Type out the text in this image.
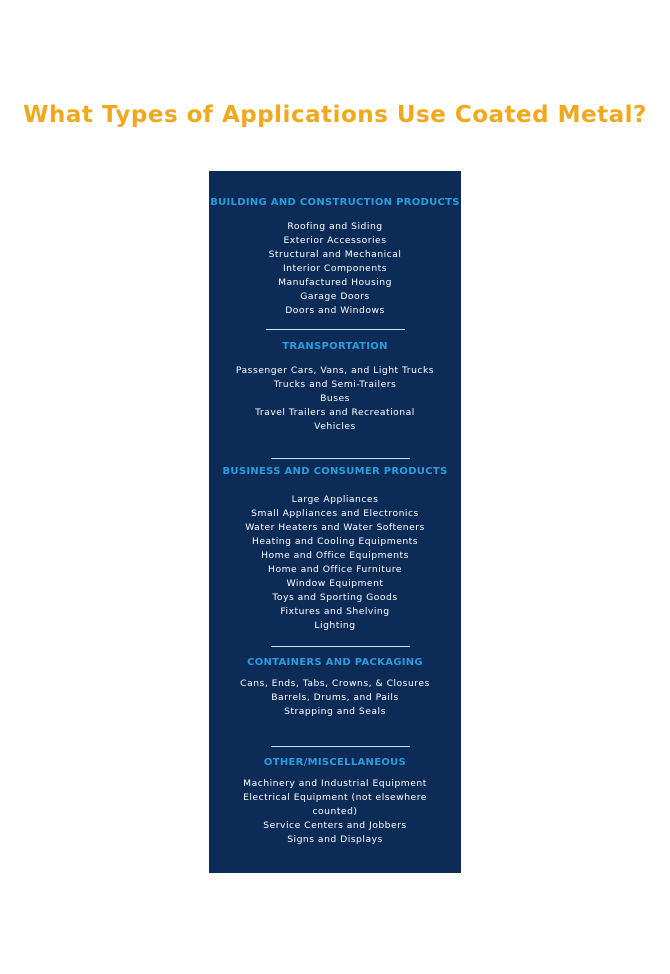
What Types of Applications Use Coated Metal?
BUILDING AND CONSTRUCTION PRODUCTS
Roofing and Siding
Exterior Accessories
Structural and Mechanical
Interior Components
Manufactured Housing
Garage Doors
Doors and Windows
TRANSPORTATION
Passenger Cars, Vans, and Light Trucks
Trucks and Semi-Trailers
Buses
Travel Trailers and Recreational Vehicles
BUSINESS AND CONSUMER PRODUCTS
Large Appliances
Small Appliances and Electronics
Water Heaters and Water Softeners
Heating and Cooling Equipments
Home and Office Equipments
Home and Office Furniture
Window Equipment
Toys and Sporting Goods
Fixtures and Shelving
Lighting
CONTAINERS AND PACKAGING
Cans, Ends, Tabs, Crowns, & Closures
Barrels, Drums, and Pails
Strapping and Seals
OTHER/MISCELLANEOUS
Machinery and Industrial Equipment
Electrical Equipment (not elsewhere counted)
Service Centers and Jobbers
Signs and Displays
